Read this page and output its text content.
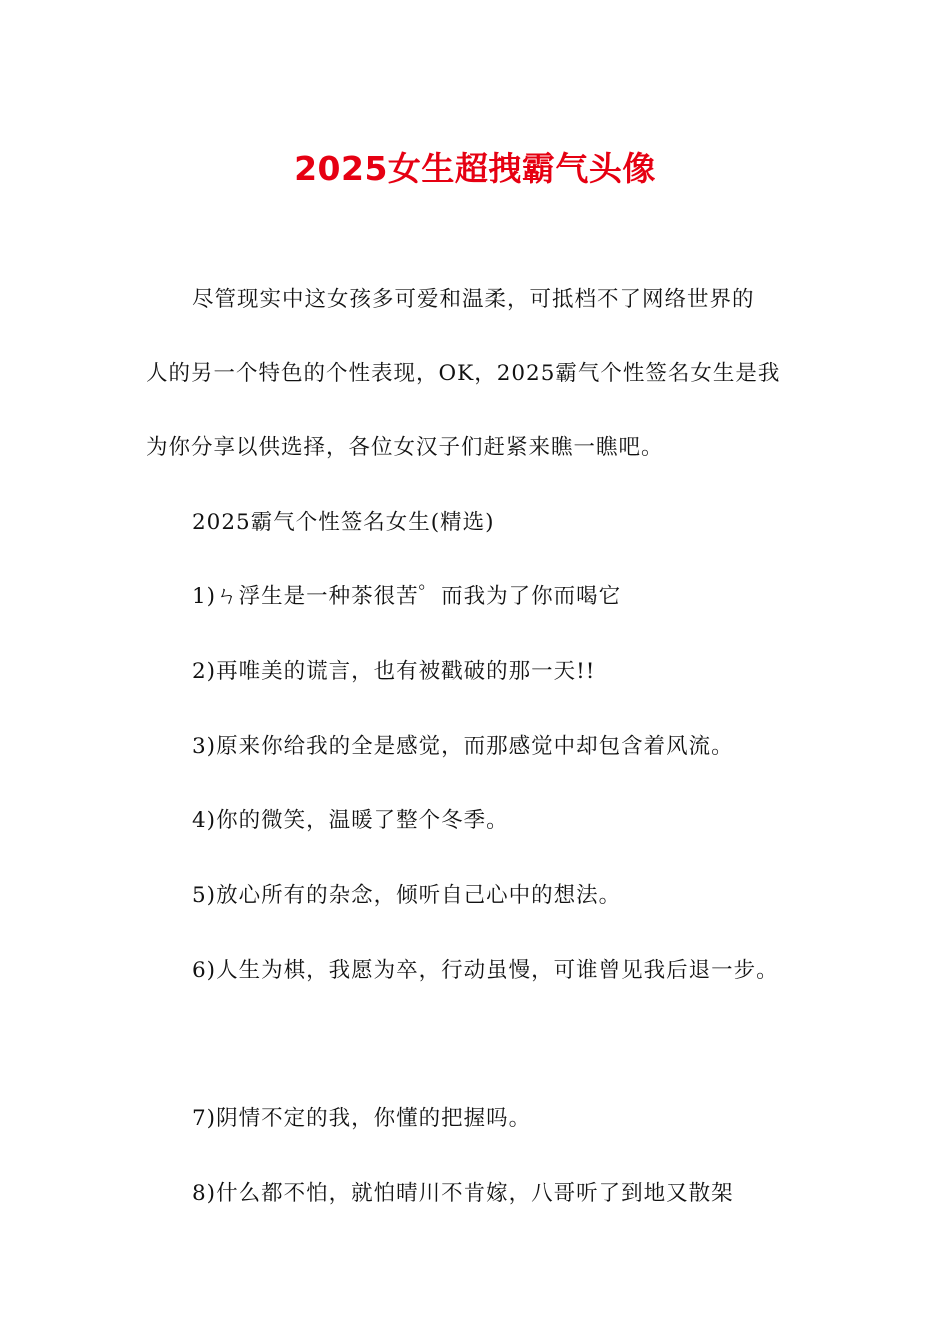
2025女生超拽霸气头像
尽管现实中这女孩多可爱和温柔，可抵档不了网络世界的
人的另一个特色的个性表现，OK，2025霸气个性签名女生是我
为你分享以供选择，各位女汉子们赶紧来瞧一瞧吧。
2025霸气个性签名女生(精选)
1)ㄣ浮生是一种茶很苦゜而我为了你而喝它
2)再唯美的谎言，也有被戳破的那一天!!
3)原来你给我的全是感觉，而那感觉中却包含着风流。
4)你的微笑，温暖了整个冬季。
5)放心所有的杂念，倾听自己心中的想法。
6)人生为棋，我愿为卒，行动虽慢，可谁曾见我后退一步。
7)阴情不定的我，你懂的把握吗。
8)什么都不怕，就怕晴川不肯嫁，八哥听了到地又散架
